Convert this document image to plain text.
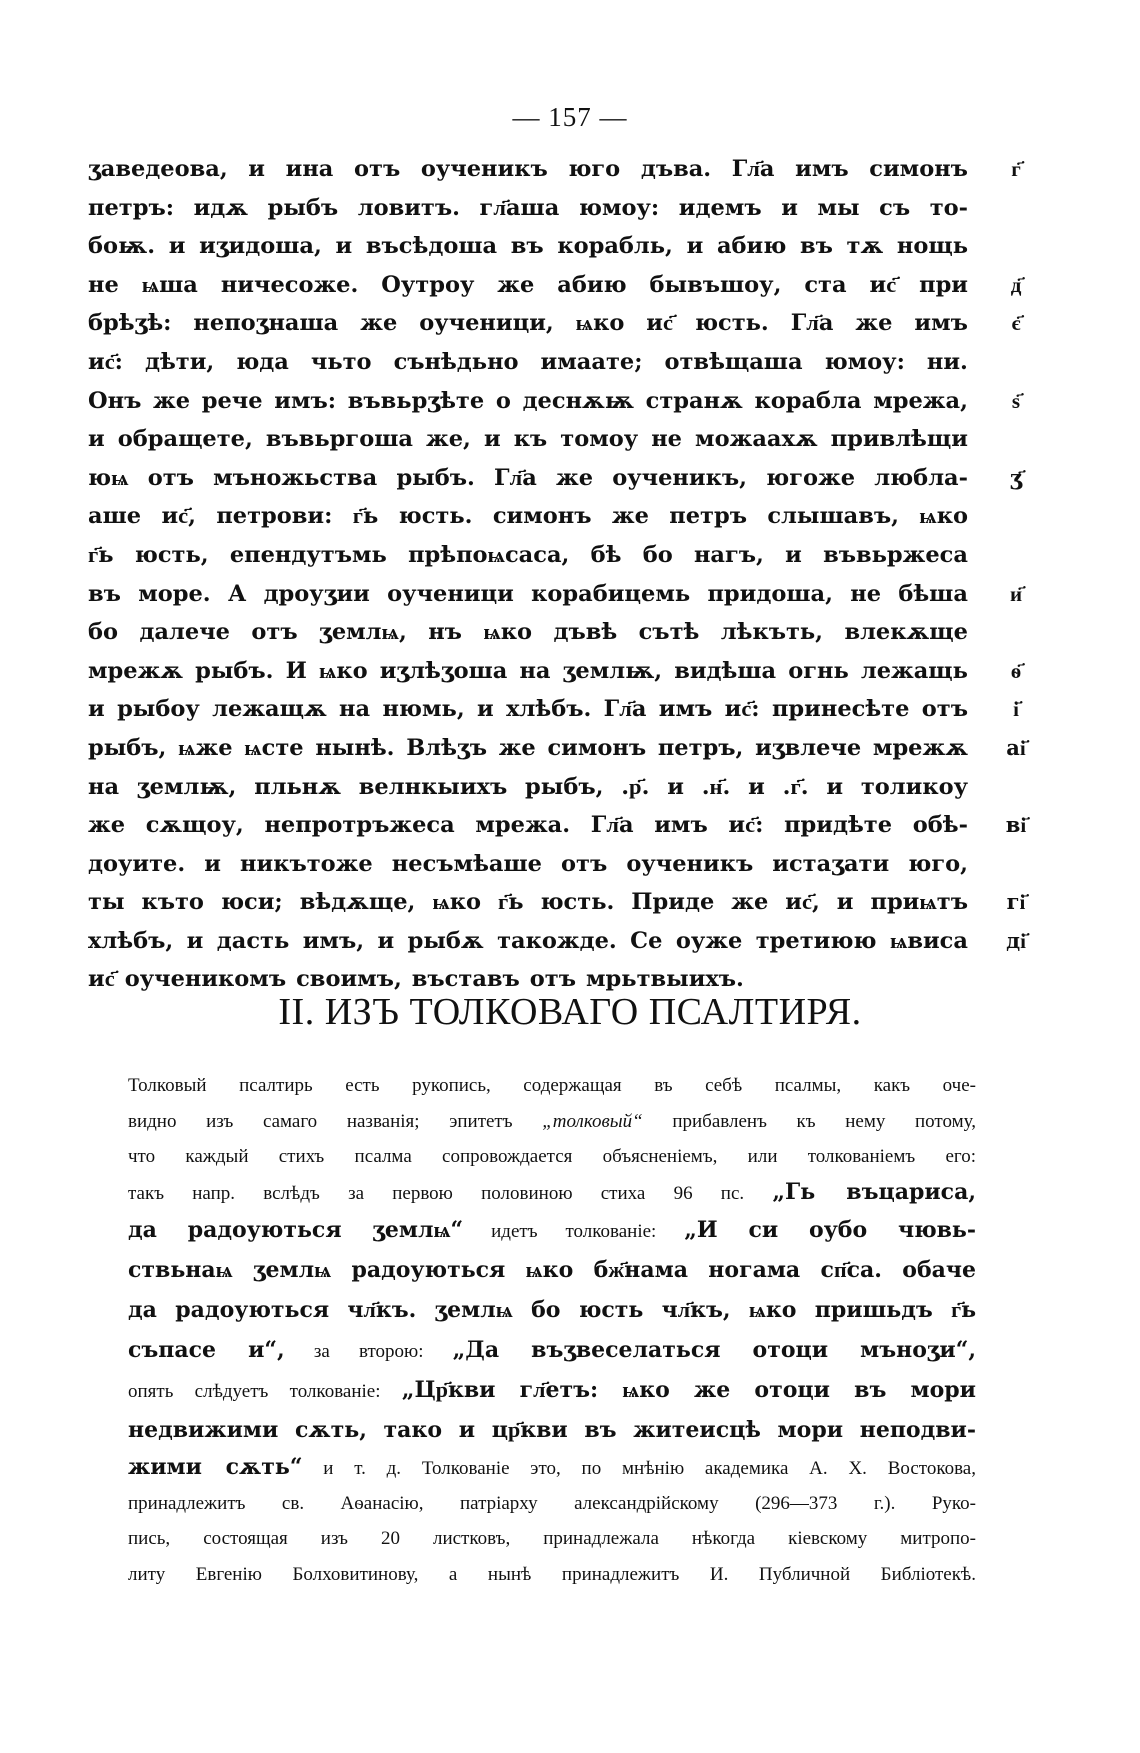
— 157 —
ʒаведеова, и ина отъ оученикъ юго дъва. Гл҃а имъ симонъ
петръ: идѫ рыбъ ловитъ. гл҃аша юмоу: идемъ и мы съ то-
боѭ. и иʒидоша, и въсѣдоша въ корабль, и абию въ тѫ нощь
не ѩша ничесоже. Оутроу же абию бывъшоу, ста ис҃ при
брѣʒѣ: непоʒнаша же оученици, ѩко ис҃ юсть. Гл҃а же имъ
ис҃: дѣти, юда чьто сънѣдьно имаате; отвѣщаша юмоу: ни.
Онъ же рече имъ: въвьрʒѣте о деснѫѭ странѫ корабла мрежа,
и обращете, въвьргоша же, и къ томоу не можаахѫ привлѣщи
юѩ отъ мъножьства рыбъ. Гл҃а же оученикъ, югоже любла-
аше ис҃, петрови: г҃ь юсть. симонъ же петръ слышавъ, ѩко
г҃ь юсть, епендутъмь прѣпоѩсаса, бѣ бо нагъ, и въвьржеса
въ море. А дроуʒии оученици корабицемь придоша, не бѣша
бо далече отъ ʒемлѩ, нъ ѩко дъвѣ сътѣ лѣкъть, влекѫще
мрежѫ рыбъ. И ѩко иʒлѣʒоша на ʒемлѭ, видѣша огнь лежащь
и рыбоу лежащѫ на нюмь, и хлѣбъ. Гл҃а имъ ис҃: принесѣте отъ
рыбъ, ѩже ѩсте нынѣ. Влѣʒъ же симонъ петръ, иʒвлече мрежѫ
на ʒемлѭ, пльнѫ велнкыихъ рыбъ, .р҃. и .н҃. и .г҃. и толикоу
же сѫщоу, непротръжеса мрежа. Гл҃а имъ ис҃: придѣте обѣ-
доуите. и никътоже несъмѣаше отъ оученикъ истаʒати юго,
ты къто юси; вѣдѫще, ѩко г҃ь юсть. Приде же ис҃, и приѩтъ
хлѣбъ, и дасть имъ, и рыбѫ такожде. Се оуже третиюю ѩвиса
ис҃ оученикомъ своимъ, въставъ отъ мрьтвыихъ.
г҃
д҃
є҃
ѕ҃
ʒ҃
и҃
ѳ҃
і҃
аі҃
ві҃
гі҃
ді҃
II. ИЗЪ ТОЛКОВАГО ПСАЛТИРЯ.
Толковый псалтирь есть рукопись, содержащая въ себѣ псалмы, какъ оче-
видно изъ самаго названія; эпитетъ „толковый“ прибавленъ къ нему потому,
что каждый стихъ псалма сопровождается объясненіемъ, или толкованіемъ его:
такъ напр. вслѣдъ за первою половиною стиха 96 пс. „Гь въцариса,
да радоуються ʒемлѩ“ идетъ толкованіе: „И си оубо чювь-
ствьнаѩ ʒемлѩ радоуються ѩко бж҃нама ногама сп҃са. обаче
да радоуються чл҃къ. ʒемлѩ бо юсть чл҃къ, ѩко пришьдъ г҃ь
съпасе и“, за второю: „Да въʒвеселаться отоци мъноʒи“,
опять слѣдуетъ толкованіе: „Цр҃кви гл҃етъ: ѩко же отоци въ мори
недвижими сѫть, тако и цр҃кви въ житеисцѣ мори неподви-
жими сѫть“ и т. д. Толкованіе это, по мнѣнію академика А. Х. Востокова,
принадлежитъ св. Аѳанасію, патріарху александрійскому (296—373 г.). Руко-
пись, состоящая изъ 20 листковъ, принадлежала нѣкогда кіевскому митропо-
литу Евгенію Болховитинову, а нынѣ принадлежитъ И. Публичной Библіотекѣ.
